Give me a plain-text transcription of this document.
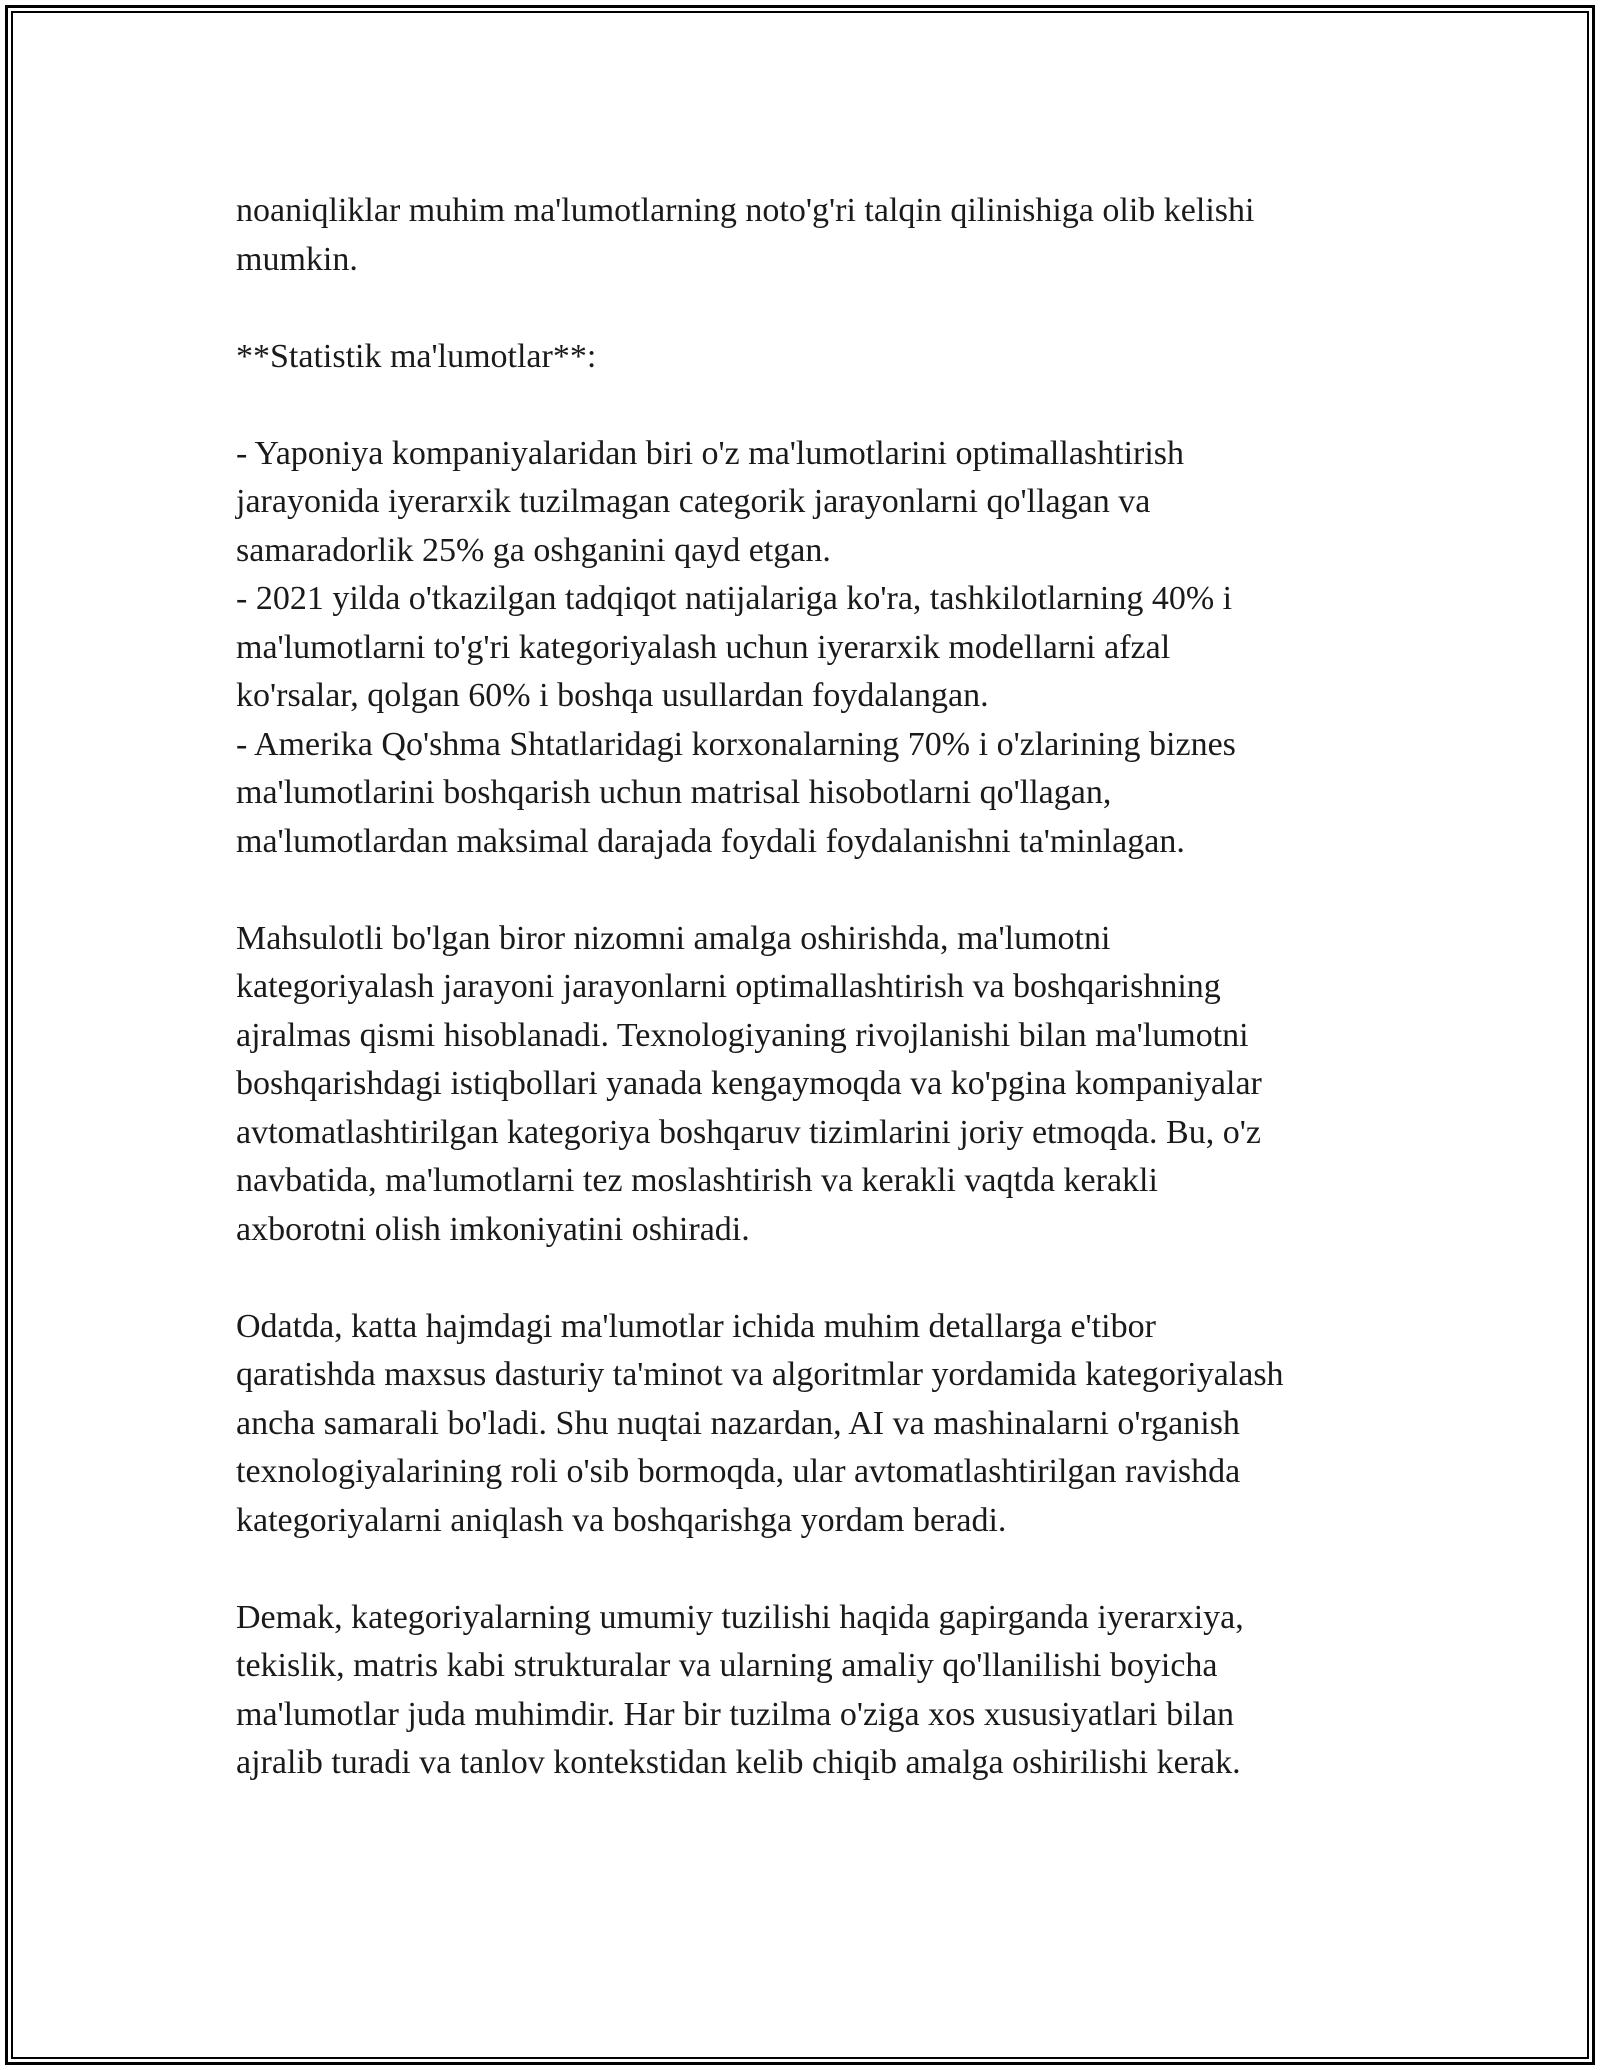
noaniqliklar muhim ma'lumotlarning noto'g'ri talqin qilinishiga olib kelishi
mumkin.

**Statistik ma'lumotlar**:

- Yaponiya kompaniyalaridan biri o'z ma'lumotlarini optimallashtirish
jarayonida iyerarxik tuzilmagan categorik jarayonlarni qo'llagan va
samaradorlik 25% ga oshganini qayd etgan.

- 2021 yilda o'tkazilgan tadqiqot natijalariga ko'ra, tashkilotlarning 40% i
ma'lumotlarni to'g'ri kategoriyalash uchun iyerarxik modellarni afzal
ko'rsalar, qolgan 60% i boshqa usullardan foydalangan.

- Amerika Qo'shma Shtatlaridagi korxonalarning 70% i o'zlarining biznes
ma'lumotlarini boshqarish uchun matrisal hisobotlarni qo'llagan,
ma'lumotlardan maksimal darajada foydali foydalanishni ta'minlagan.

Mahsulotli bo'lgan biror nizomni amalga oshirishda, ma'lumotni
kategoriyalash jarayoni jarayonlarni optimallashtirish va boshqarishning
ajralmas qismi hisoblanadi. Texnologiyaning rivojlanishi bilan ma'lumotni
boshqarishdagi istiqbollari yanada kengaymoqda va ko'pgina kompaniyalar
avtomatlashtirilgan kategoriya boshqaruv tizimlarini joriy etmoqda. Bu, o'z
navbatida, ma'lumotlarni tez moslashtirish va kerakli vaqtda kerakli
axborotni olish imkoniyatini oshiradi.

Odatda, katta hajmdagi ma'lumotlar ichida muhim detallarga e'tibor
qaratishda maxsus dasturiy ta'minot va algoritmlar yordamida kategoriyalash
ancha samarali bo'ladi. Shu nuqtai nazardan, AI va mashinalarni o'rganish
texnologiyalarining roli o'sib bormoqda, ular avtomatlashtirilgan ravishda
kategoriyalarni aniqlash va boshqarishga yordam beradi.

Demak, kategoriyalarning umumiy tuzilishi haqida gapirganda iyerarxiya,
tekislik, matris kabi strukturalar va ularning amaliy qo'llanilishi boyicha
ma'lumotlar juda muhimdir. Har bir tuzilma o'ziga xos xususiyatlari bilan
ajralib turadi va tanlov kontekstidan kelib chiqib amalga oshirilishi kerak.
